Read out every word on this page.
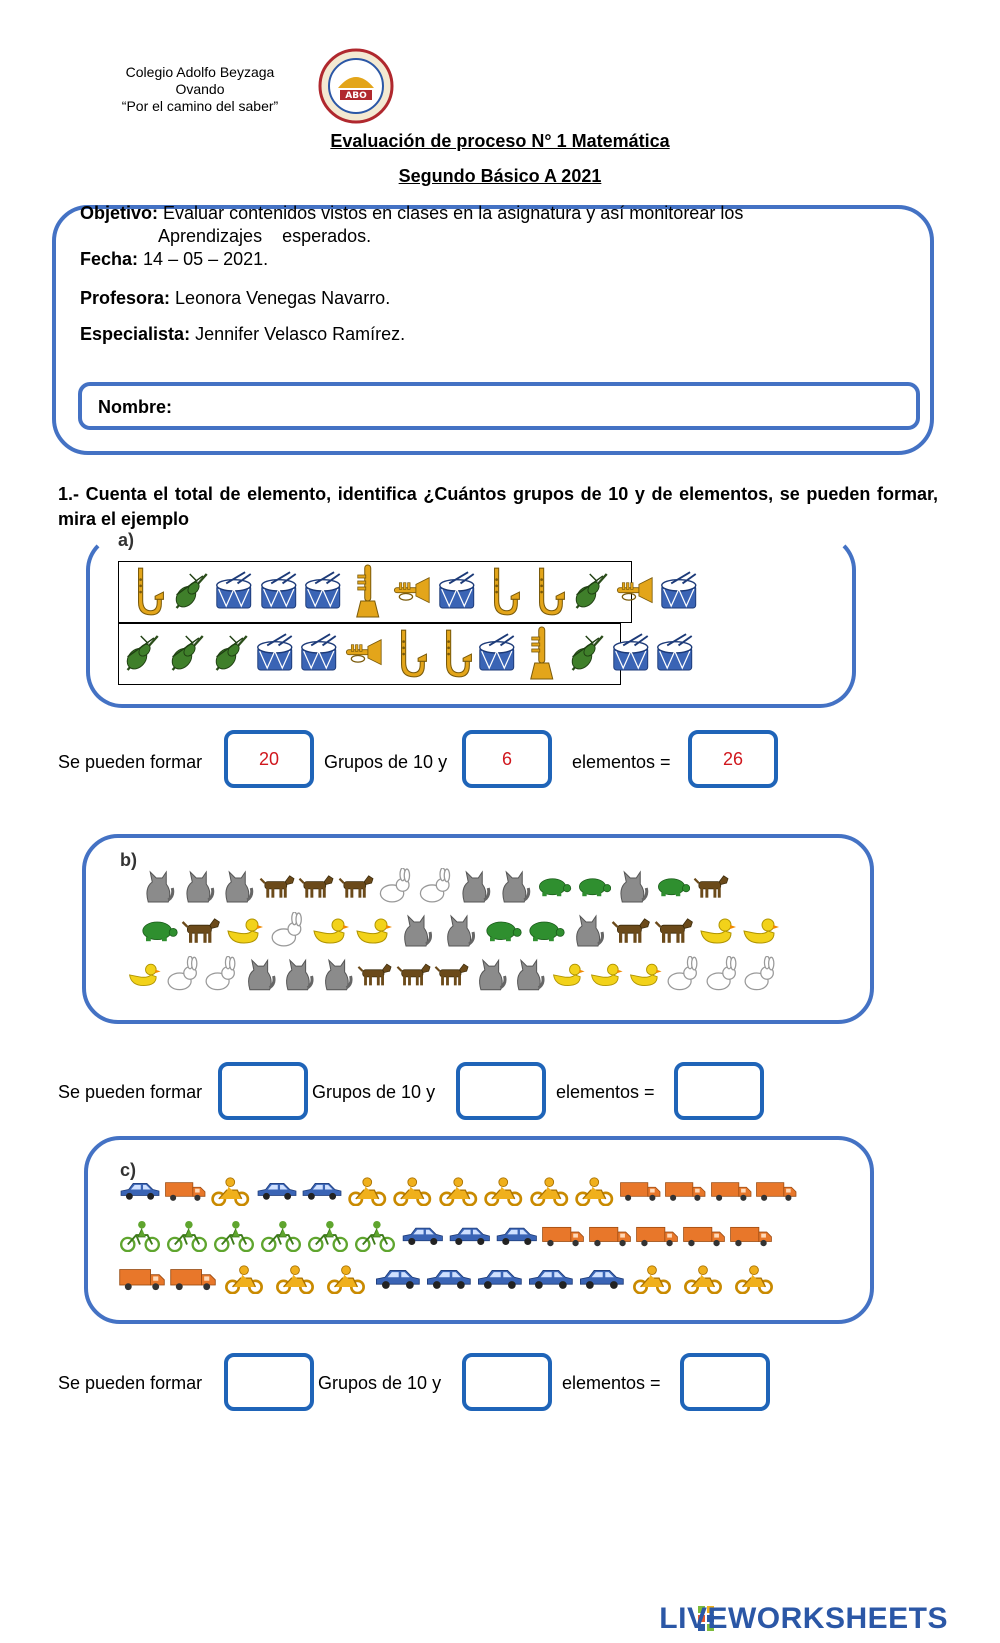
Colegio Adolfo Beyzaga
Ovando
“Por el camino del saber”
ABO
Evaluación de proceso N° 1 Matemática
Segundo Básico A 2021
Objetivo: Evaluar contenidos vistos en clases en la asignatura y así monitorear los
Aprendizajes    esperados.
Fecha: 14 – 05 – 2021.
Profesora: Leonora Venegas Navarro.
Especialista: Jennifer Velasco Ramírez.
Nombre:
1.- Cuenta el total de elemento, identifica ¿Cuántos grupos de 10 y de elementos, se pueden formar, mira el ejemplo
a)
Se pueden formar	20	Grupos de 10 y	6	elementos =	26
b)
Se pueden formar	Grupos de 10 y	elementos =
c)
Se pueden formar	Grupos de 10 y	elementos =
LIVEWORKSHEETS
